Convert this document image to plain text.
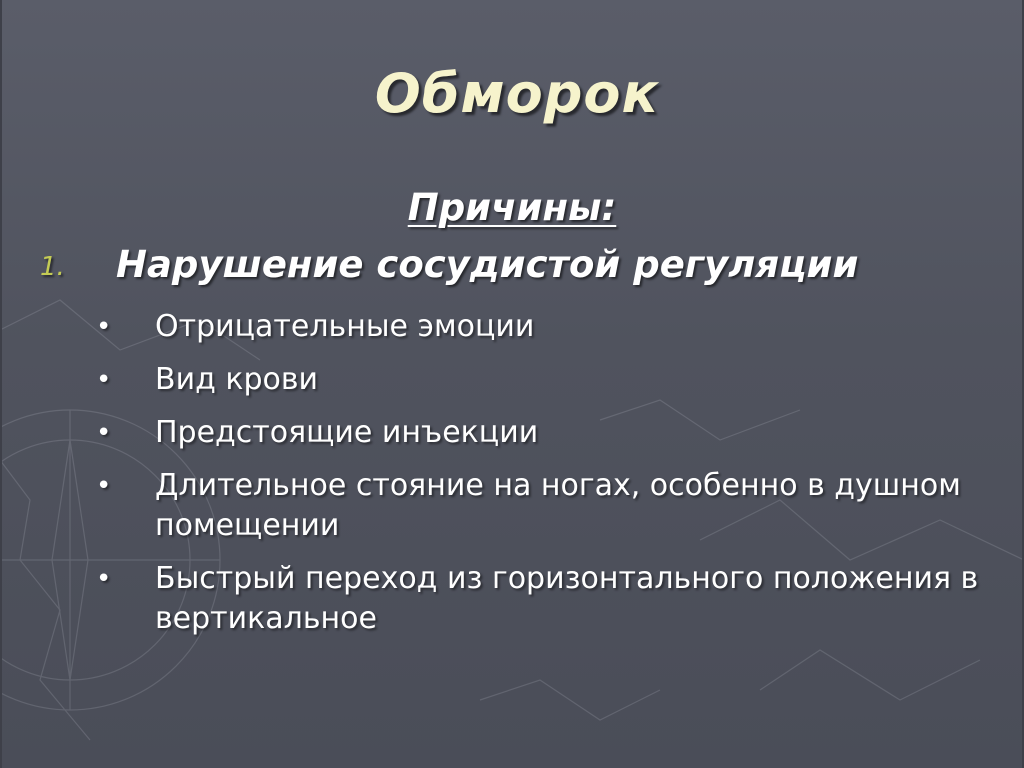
Обморок
Причины:
1. Нарушение сосудистой регуляции
• Отрицательные эмоции
• Вид крови
• Предстоящие инъекции
• Длительное стояние на ногах, особенно в душном помещении
• Быстрый переход из горизонтального положения в вертикальное
